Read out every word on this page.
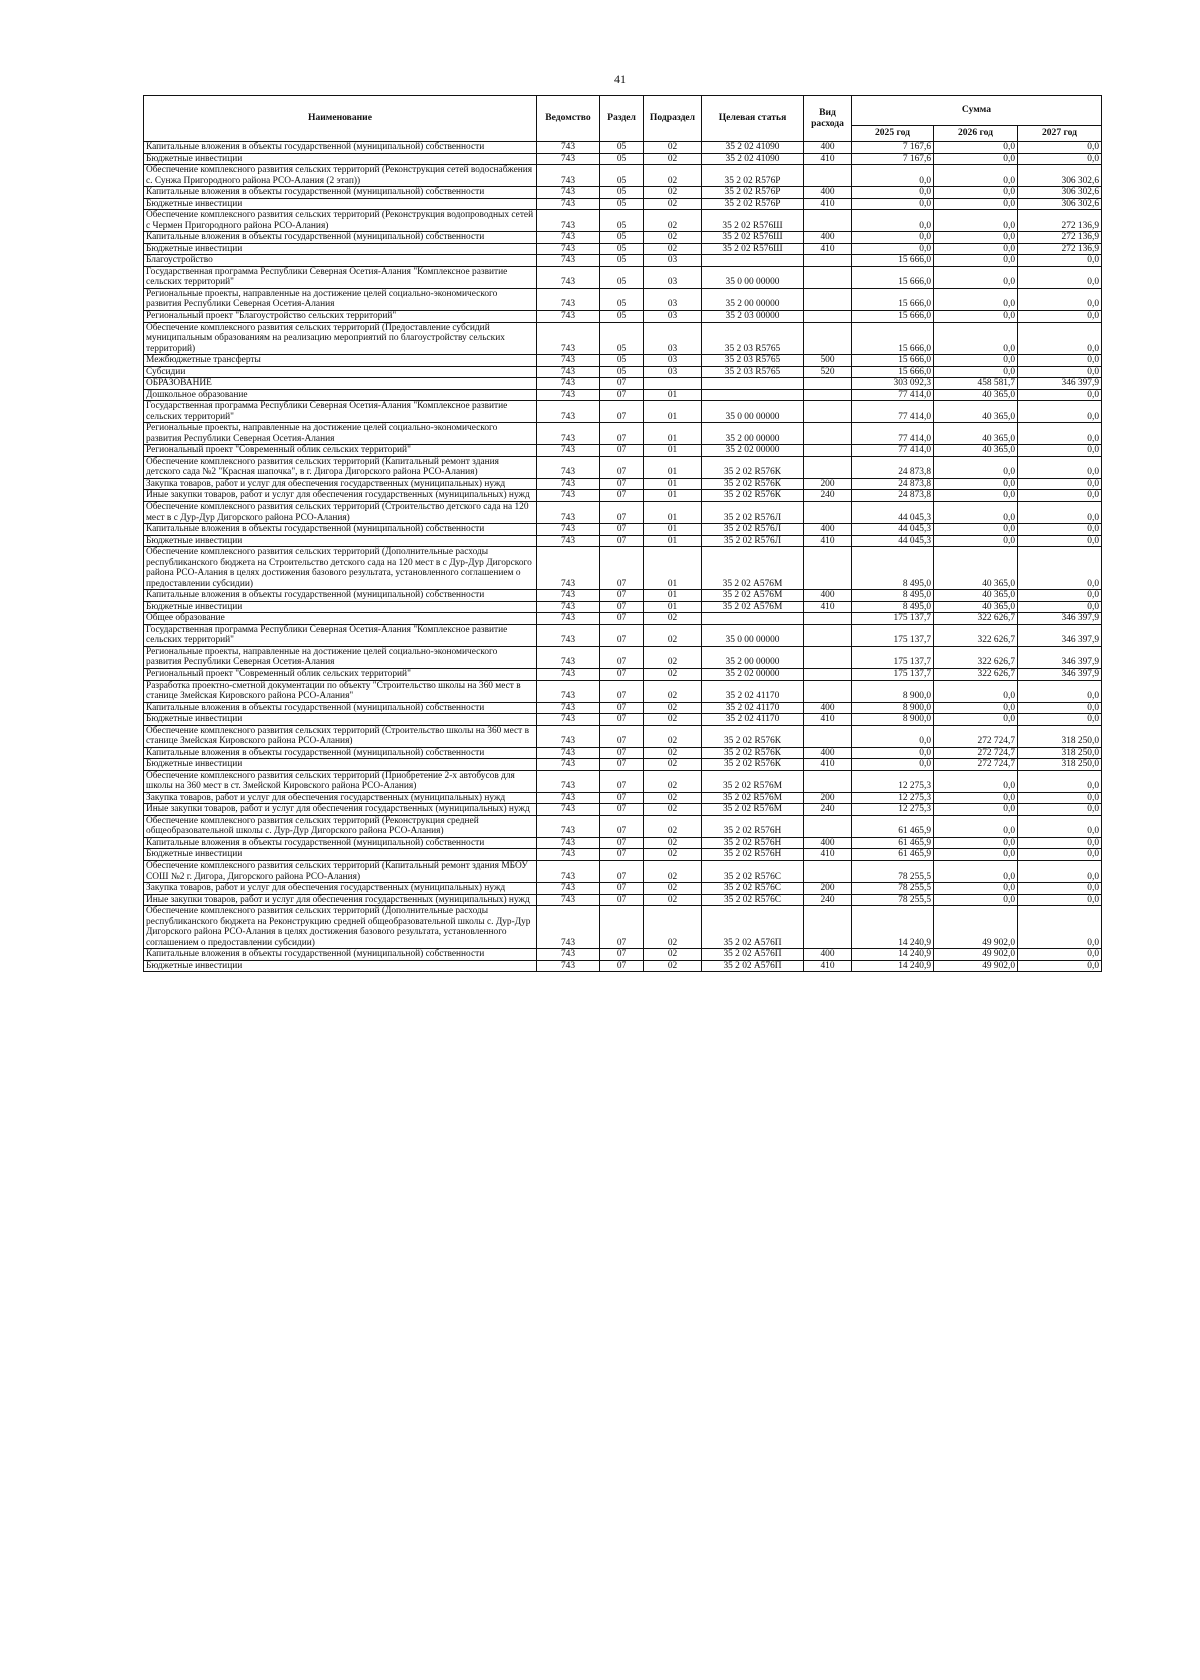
41
Наименование	Ведомство	Раздел	Подраздел	Целевая статья	Вид расхода	Сумма		
						2025 год	2026 год	2027 год
Капитальные вложения в объекты государственной (муниципальной) собственности	743	05	02	35 2 02 41090	400	7 167,6	0,0	0,0
Бюджетные инвестиции	743	05	02	35 2 02 41090	410	7 167,6	0,0	0,0
Обеспечение комплексного развития сельских территорий (Реконструкция сетей водоснабжения с. Сунжа Пригородного района РСО-Алания (2 этап))	743	05	02	35 2 02 R576Р		0,0	0,0	306 302,6
Капитальные вложения в объекты государственной (муниципальной) собственности	743	05	02	35 2 02 R576Р	400	0,0	0,0	306 302,6
Бюджетные инвестиции	743	05	02	35 2 02 R576Р	410	0,0	0,0	306 302,6
Обеспечение комплексного развития сельских территорий (Реконструкция водопроводных сетей с Чермен Пригородного района РСО-Алания)	743	05	02	35 2 02 R576Ш		0,0	0,0	272 136,9
Капитальные вложения в объекты государственной (муниципальной) собственности	743	05	02	35 2 02 R576Ш	400	0,0	0,0	272 136,9
Бюджетные инвестиции	743	05	02	35 2 02 R576Ш	410	0,0	0,0	272 136,9
Благоустройство	743	05	03			15 666,0	0,0	0,0
Государственная программа Республики Северная Осетия-Алания "Комплексное развитие сельских территорий"	743	05	03	35 0 00 00000		15 666,0	0,0	0,0
Региональные проекты, направленные на достижение целей социально-экономического развития Республики Северная Осетия-Алания	743	05	03	35 2 00 00000		15 666,0	0,0	0,0
Региональный проект "Благоустройство сельских территорий"	743	05	03	35 2 03 00000		15 666,0	0,0	0,0
Обеспечение комплексного развития сельских территорий (Предоставление субсидий муниципальным образованиям на реализацию мероприятий по благоустройству сельских территорий)	743	05	03	35 2 03 R5765		15 666,0	0,0	0,0
Межбюджетные трансферты	743	05	03	35 2 03 R5765	500	15 666,0	0,0	0,0
Субсидии	743	05	03	35 2 03 R5765	520	15 666,0	0,0	0,0
ОБРАЗОВАНИЕ	743	07				303 092,3	458 581,7	346 397,9
Дошкольное образование	743	07	01			77 414,0	40 365,0	0,0
Государственная программа Республики Северная Осетия-Алания "Комплексное развитие сельских территорий"	743	07	01	35 0 00 00000		77 414,0	40 365,0	0,0
Региональные проекты, направленные на достижение целей социально-экономического развития Республики Северная Осетия-Алания	743	07	01	35 2 00 00000		77 414,0	40 365,0	0,0
Региональный проект "Современный облик сельских территорий"	743	07	01	35 2 02 00000		77 414,0	40 365,0	0,0
Обеспечение комплексного развития сельских территорий (Капитальный ремонт здания детского сада №2 "Красная шапочка", в г. Дигора Дигорского района РСО-Алания)	743	07	01	35 2 02 R576К		24 873,8	0,0	0,0
Закупка товаров, работ и услуг для обеспечения государственных (муниципальных) нужд	743	07	01	35 2 02 R576К	200	24 873,8	0,0	0,0
Иные закупки товаров, работ и услуг для обеспечения государственных (муниципальных) нужд	743	07	01	35 2 02 R576К	240	24 873,8	0,0	0,0
Обеспечение комплексного развития сельских территорий (Строительство детского сада на 120 мест в с Дур-Дур Дигорского района РСО-Алания)	743	07	01	35 2 02 R576Л		44 045,3	0,0	0,0
Капитальные вложения в объекты государственной (муниципальной) собственности	743	07	01	35 2 02 R576Л	400	44 045,3	0,0	0,0
Бюджетные инвестиции	743	07	01	35 2 02 R576Л	410	44 045,3	0,0	0,0
Обеспечение комплексного развития сельских территорий (Дополнительные расходы республиканского бюджета на Строительство детского сада на 120 мест в с Дур-Дур Дигорского района РСО-Алания в целях достижения базового результата, установленного соглашением о предоставлении субсидии)	743	07	01	35 2 02 А576М		8 495,0	40 365,0	0,0
Капитальные вложения в объекты государственной (муниципальной) собственности	743	07	01	35 2 02 А576М	400	8 495,0	40 365,0	0,0
Бюджетные инвестиции	743	07	01	35 2 02 А576М	410	8 495,0	40 365,0	0,0
Общее образование	743	07	02			175 137,7	322 626,7	346 397,9
Государственная программа Республики Северная Осетия-Алания "Комплексное развитие сельских территорий"	743	07	02	35 0 00 00000		175 137,7	322 626,7	346 397,9
Региональные проекты, направленные на достижение целей социально-экономического развития Республики Северная Осетия-Алания	743	07	02	35 2 00 00000		175 137,7	322 626,7	346 397,9
Региональный проект "Современный облик сельских территорий"	743	07	02	35 2 02 00000		175 137,7	322 626,7	346 397,9
Разработка проектно-сметной документации по объекту "Строительство школы на 360 мест в станице Змейская Кировского района РСО-Алания"	743	07	02	35 2 02 41170		8 900,0	0,0	0,0
Капитальные вложения в объекты государственной (муниципальной) собственности	743	07	02	35 2 02 41170	400	8 900,0	0,0	0,0
Бюджетные инвестиции	743	07	02	35 2 02 41170	410	8 900,0	0,0	0,0
Обеспечение комплексного развития сельских территорий (Строительство школы на 360 мест в станице Змейская Кировского района РСО-Алания)	743	07	02	35 2 02 R576К		0,0	272 724,7	318 250,0
Капитальные вложения в объекты государственной (муниципальной) собственности	743	07	02	35 2 02 R576К	400	0,0	272 724,7	318 250,0
Бюджетные инвестиции	743	07	02	35 2 02 R576К	410	0,0	272 724,7	318 250,0
Обеспечение комплексного развития сельских территорий (Приобретение 2-х автобусов для школы на 360 мест в ст. Змейской Кировского района РСО-Алания)	743	07	02	35 2 02 R576М		12 275,3	0,0	0,0
Закупка товаров, работ и услуг для обеспечения государственных (муниципальных) нужд	743	07	02	35 2 02 R576М	200	12 275,3	0,0	0,0
Иные закупки товаров, работ и услуг для обеспечения государственных (муниципальных) нужд	743	07	02	35 2 02 R576М	240	12 275,3	0,0	0,0
Обеспечение комплексного развития сельских территорий (Реконструкция средней общеобразовательной школы с. Дур-Дур Дигорского района РСО-Алания)	743	07	02	35 2 02 R576Н		61 465,9	0,0	0,0
Капитальные вложения в объекты государственной (муниципальной) собственности	743	07	02	35 2 02 R576Н	400	61 465,9	0,0	0,0
Бюджетные инвестиции	743	07	02	35 2 02 R576Н	410	61 465,9	0,0	0,0
Обеспечение комплексного развития сельских территорий (Капитальный ремонт здания МБОУ СОШ №2 г. Дигора, Дигорского района РСО-Алания)	743	07	02	35 2 02 R576С		78 255,5	0,0	0,0
Закупка товаров, работ и услуг для обеспечения государственных (муниципальных) нужд	743	07	02	35 2 02 R576С	200	78 255,5	0,0	0,0
Иные закупки товаров, работ и услуг для обеспечения государственных (муниципальных) нужд	743	07	02	35 2 02 R576С	240	78 255,5	0,0	0,0
Обеспечение комплексного развития сельских территорий (Дополнительные расходы республиканского бюджета на Реконструкцию средней общеобразовательной школы с. Дур-Дур Дигорского района РСО-Алания в целях достижения базового результата, установленного соглашением о предоставлении субсидии)	743	07	02	35 2 02 А576П		14 240,9	49 902,0	0,0
Капитальные вложения в объекты государственной (муниципальной) собственности	743	07	02	35 2 02 А576П	400	14 240,9	49 902,0	0,0
Бюджетные инвестиции	743	07	02	35 2 02 А576П	410	14 240,9	49 902,0	0,0
